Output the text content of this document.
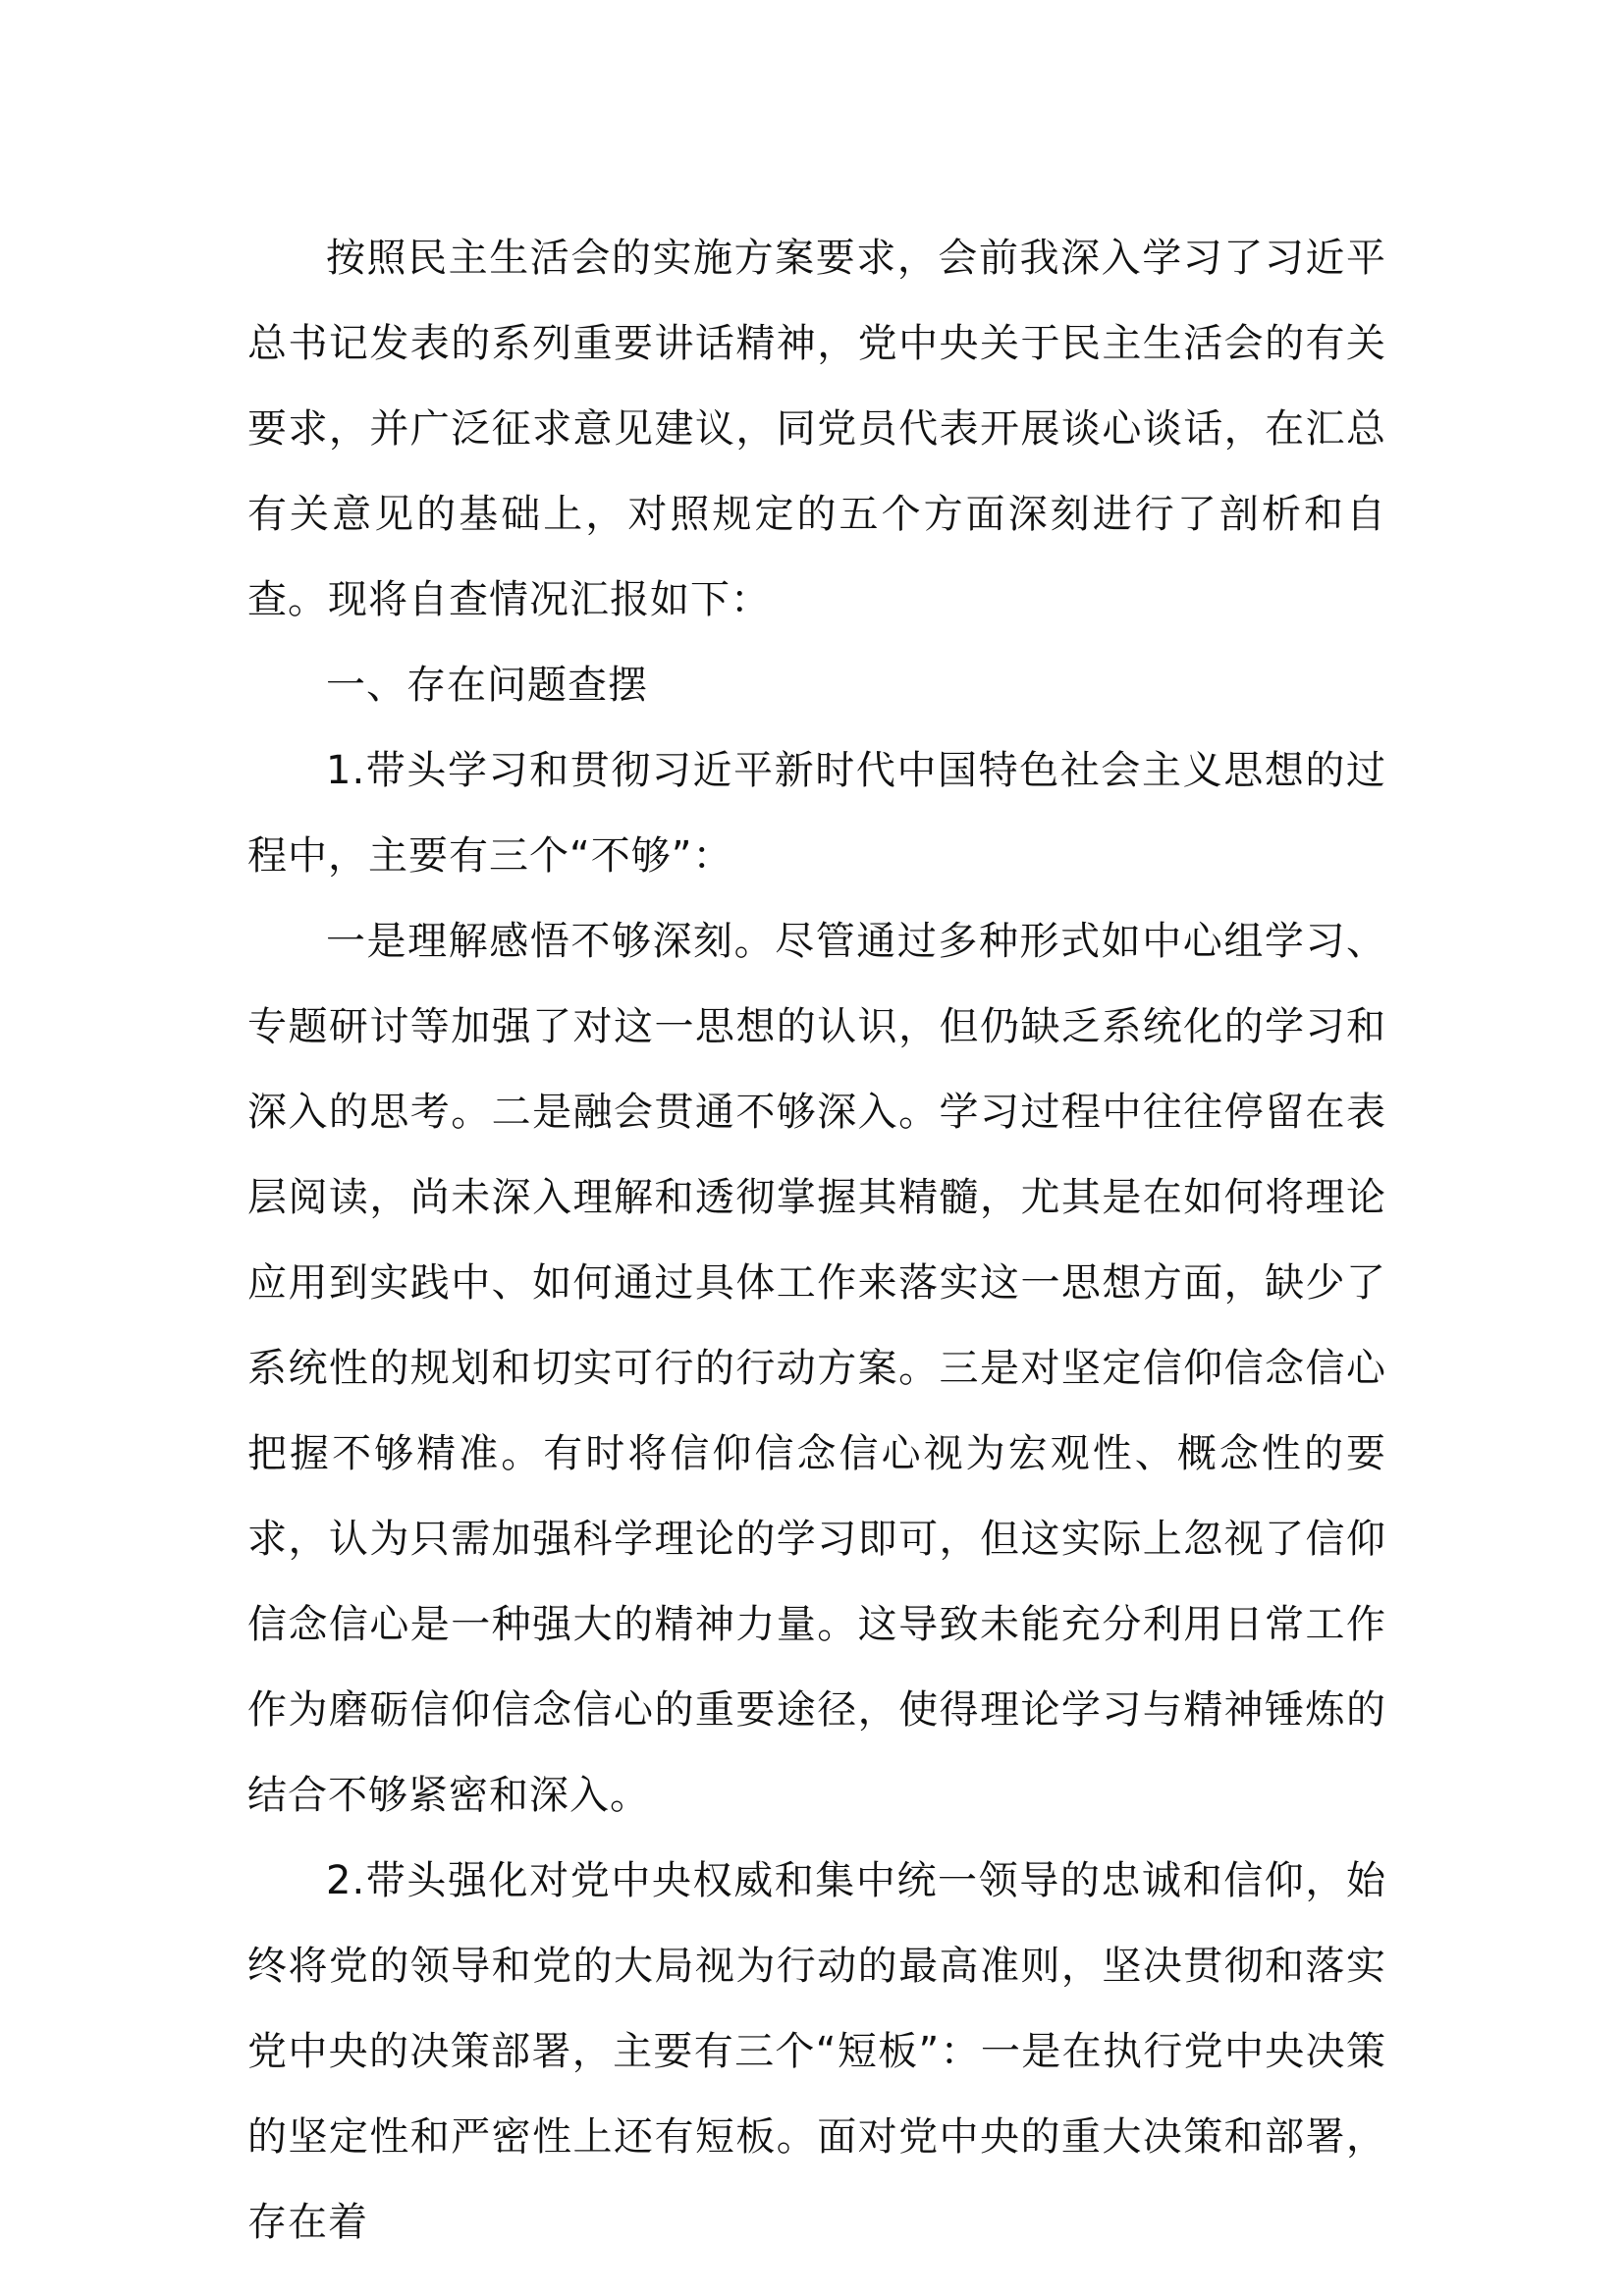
按照民主生活会的实施方案要求，会前我深入学习了习近平总书记发表的系列重要讲话精神，党中央关于民主生活会的有关要求，并广泛征求意见建议，同党员代表开展谈心谈话，在汇总有关意见的基础上，对照规定的五个方面深刻进行了剖析和自查。现将自查情况汇报如下：

一、存在问题查摆

1.带头学习和贯彻习近平新时代中国特色社会主义思想的过程中，主要有三个“不够”：

一是理解感悟不够深刻。尽管通过多种形式如中心组学习、专题研讨等加强了对这一思想的认识，但仍缺乏系统化的学习和深入的思考。二是融会贯通不够深入。学习过程中往往停留在表层阅读，尚未深入理解和透彻掌握其精髓，尤其是在如何将理论应用到实践中、如何通过具体工作来落实这一思想方面，缺少了系统性的规划和切实可行的行动方案。三是对坚定信仰信念信心把握不够精准。有时将信仰信念信心视为宏观性、概念性的要求，认为只需加强科学理论的学习即可，但这实际上忽视了信仰信念信心是一种强大的精神力量。这导致未能充分利用日常工作作为磨砺信仰信念信心的重要途径，使得理论学习与精神锤炼的结合不够紧密和深入。

2.带头强化对党中央权威和集中统一领导的忠诚和信仰，始终将党的领导和党的大局视为行动的最高准则，坚决贯彻和落实党中央的决策部署，主要有三个“短板”：一是在执行党中央决策的坚定性和严密性上还有短板。面对党中央的重大决策和部署，存在着
